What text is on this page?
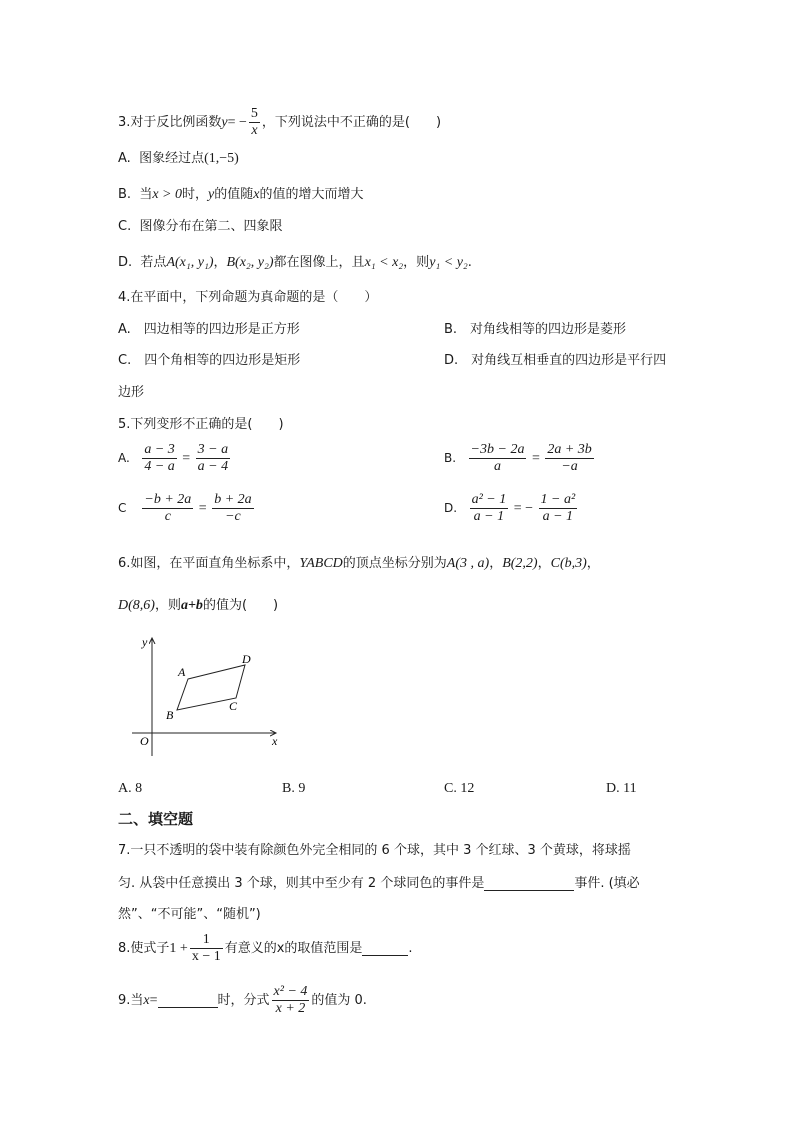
3.对于反比例函数$y= - \frac{5}{x}$ ，下列说法中不正确的是(　　)
A. 图象经过点(1,−5)
B. 当x > 0时，y的值随x的值的增大而增大
C. 图像分布在第二、四象限
D. 若点A(x₁, y₁)，B(x₂, y₂)都在图像上，且x₁ < x₂，则y₁ < y₂.
4.在平面中，下列命题为真命题的是（　　）
A.　四边相等的四边形是正方形	B.　对角线相等的四边形是菱形
C.　四个角相等的四边形是矩形	D.　对角线互相垂直的四边形是平行四
边形
5.下列变形不正确的是(　　)
A. $\frac{a - 3}{4 - a} = \frac{3 - a}{a - 4}$	B. $\frac{-3b - 2a}{a} = \frac{2a + 3b}{-a}$
C $\frac{-b + 2a}{c} = \frac{b + 2a}{-c}$	D. $\frac{\text{a² − 1}}{a - 1}$ = − $\frac{\text{1 − a²}}{a - 1}$
6.如图，在平面直角坐标系中，YABCD的顶点坐标分别为A(3 , a)，B(2,2)，C(b,3)，
D(8,6)，则a+b的值为(　　)
x
y
O
A
B
C
D
A. 8	B. 9	C. 12	D. 11
二、填空题
7.一只不透明的袋中装有除颜色外完全相同的 6 个球，其中 3 个红球、3 个黄球，将球摇
匀. 从袋中任意摸出 3 个球，则其中至少有 2 个球同色的事件是	事件. (填必
然”、“不可能”、“随机”)
8.使式子$1 + \frac{1}{x - 1}$ 有意义的x的取值范围是	.
9.当x=	时，分式 $\frac{\text{x² − 4}}{x + 2}$ 的值为 0.
